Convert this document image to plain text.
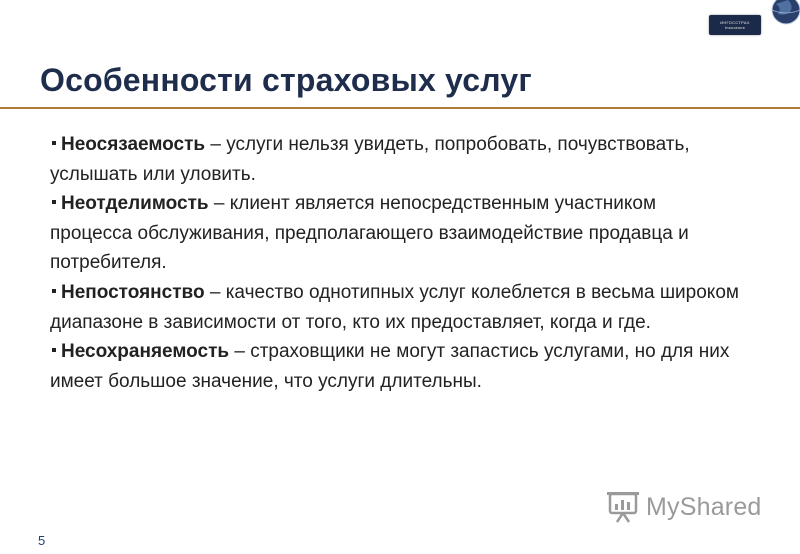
ИНГОССТРАХ
Insurance
Особенности страховых услуг

Неосязаемость – услуги нельзя увидеть, попробовать, почувствовать, услышать или уловить.

Неотделимость – клиент является непосредственным участником процесса обслуживания, предполагающего взаимодействие продавца и потребителя.

Непостоянство – качество однотипных услуг колеблется в весьма широком диапазоне в зависимости от того, кто их предоставляет, когда и где.

Несохраняемость – страховщики не могут запастись услугами, но для них имеет большое значение, что услуги длительны.

MyShared
5
